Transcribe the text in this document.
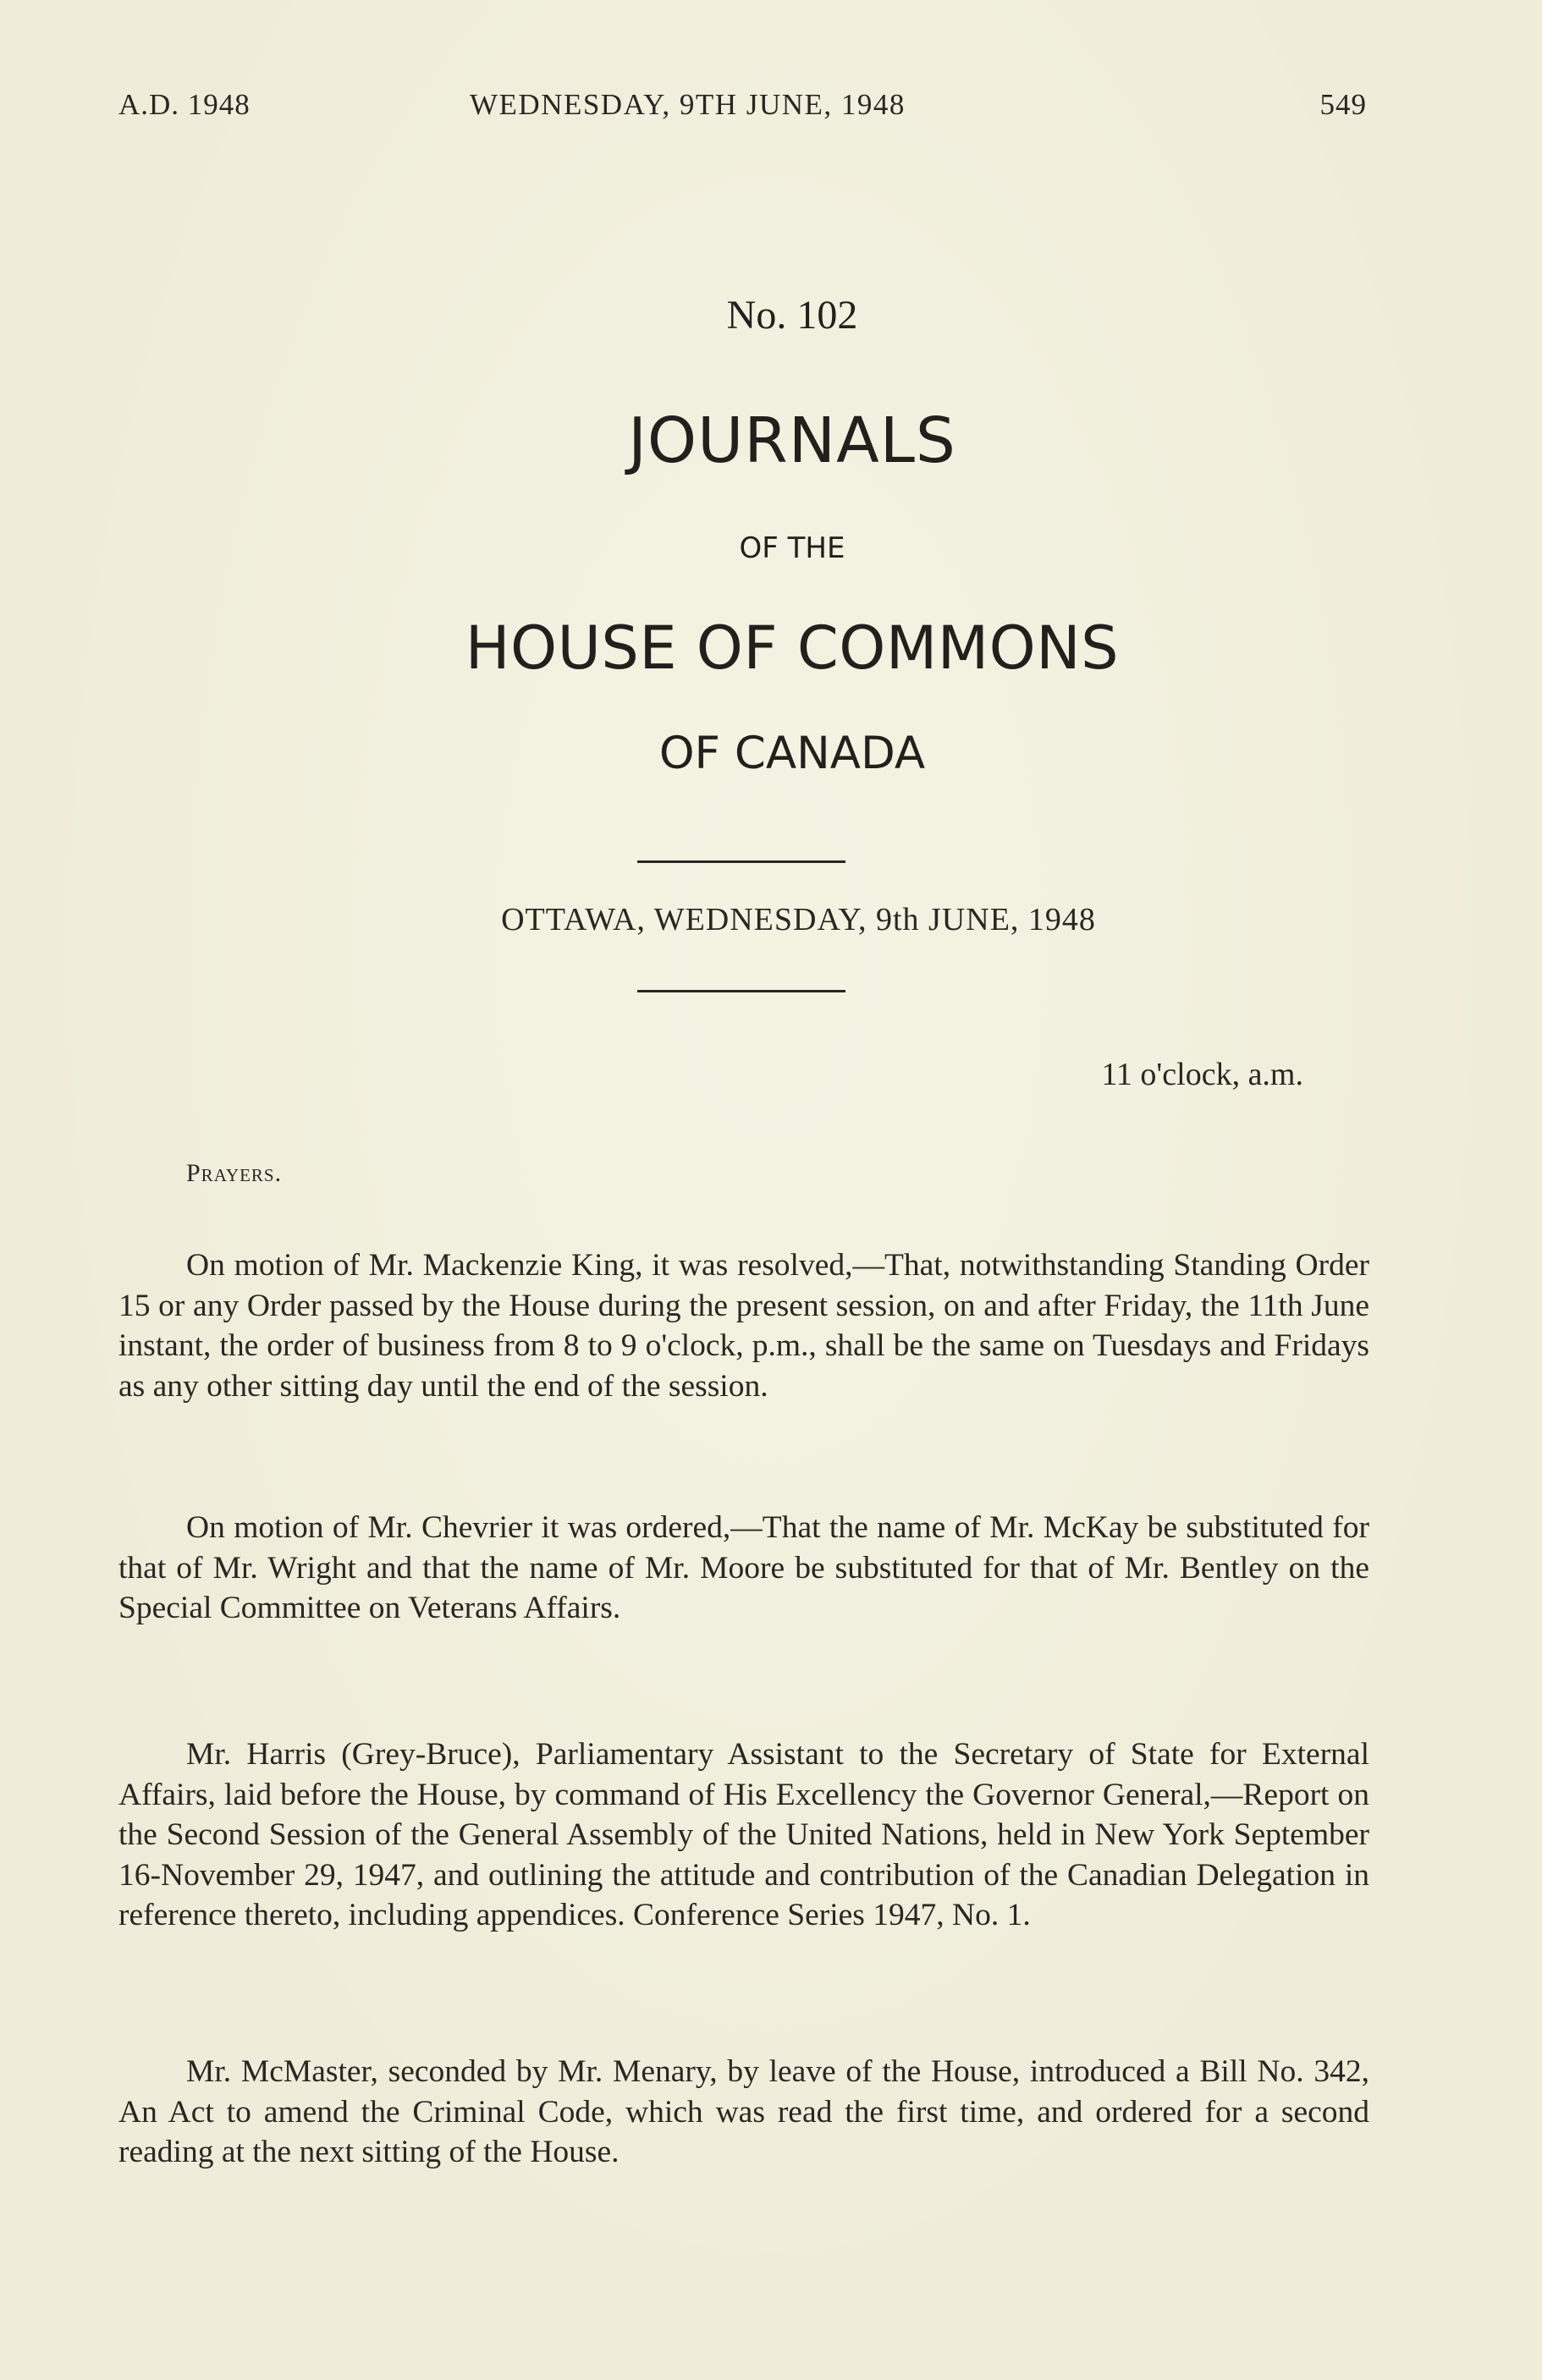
A.D. 1948	WEDNESDAY, 9TH JUNE, 1948	549
No. 102
JOURNALS
OF THE
HOUSE OF COMMONS
OF CANADA
OTTAWA, WEDNESDAY, 9th JUNE, 1948
11 o'clock, a.m.
Prayers.

On motion of Mr. Mackenzie King, it was resolved,—That, notwithstanding Standing Order 15 or any Order passed by the House during the present session, on and after Friday, the 11th June instant, the order of business from 8 to 9 o'clock, p.m., shall be the same on Tuesdays and Fridays as any other sitting day until the end of the session.

On motion of Mr. Chevrier it was ordered,—That the name of Mr. McKay be substituted for that of Mr. Wright and that the name of Mr. Moore be substituted for that of Mr. Bentley on the Special Committee on Veterans Affairs.

Mr. Harris (Grey-Bruce), Parliamentary Assistant to the Secretary of State for External Affairs, laid before the House, by command of His Excellency the Governor General,—Report on the Second Session of the General Assembly of the United Nations, held in New York September 16-November 29, 1947, and outlining the attitude and contribution of the Canadian Delegation in reference thereto, including appendices. Conference Series 1947, No. 1.

Mr. McMaster, seconded by Mr. Menary, by leave of the House, introduced a Bill No. 342, An Act to amend the Criminal Code, which was read the first time, and ordered for a second reading at the next sitting of the House.
